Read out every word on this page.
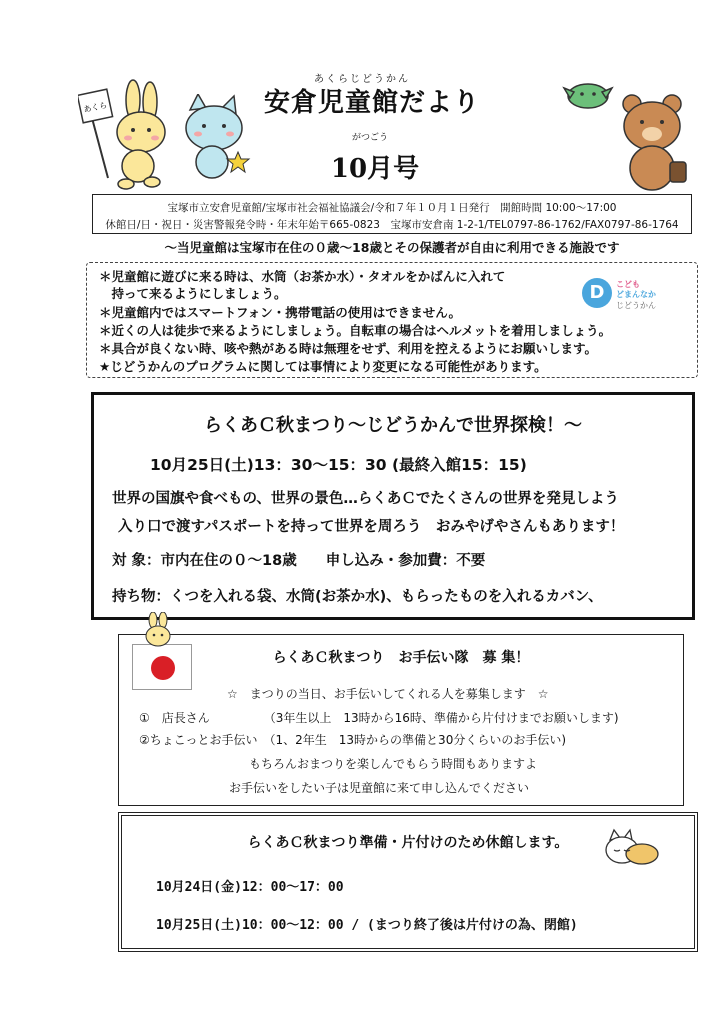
あくら
あくらじどうかん
安倉児童館だより
がつごう
10月号
宝塚市立安倉児童館/宝塚市社会福祉協議会/令和７年１０月１日発行　開館時間 10:00～17:00
休館日/日・祝日・災害警報発令時・年末年始〒665-0823　宝塚市安倉南 1-2-1/TEL0797-86-1762/FAX0797-86-1764
～当児童館は宝塚市在住の０歳～18歳とその保護者が自由に利用できる施設です
＊児童館に遊びに来る時は、水筒（お茶か水）・タオルをかばんに入れて
　持って来るようにしましょう。
＊児童館内ではスマートフォン・携帯電話の使用はできません。
＊近くの人は徒歩で来るようにしましょう。自転車の場合はヘルメットを着用しましょう。
＊具合が良くない時、咳や熱がある時は無理をせず、利用を控えるようにお願いします。
★じどうかんのプログラムに関しては事情により変更になる可能性があります。
D	こども
どまんなか
じどうかん
らくあＣ秋まつり～じどうかんで世界探検！～
10月25日(土)13：30～15：30 (最終入館15：15)
世界の国旗や食べもの、世界の景色…らくあＣでたくさんの世界を発見しよう
入り口で渡すパスポートを持って世界を周ろう　おみやげやさんもあります！
対 象：市内在住の０～18歳　　申し込み・参加費：不要
持ち物：くつを入れる袋、水筒(お茶か水)、もらったものを入れるカバン、
らくあＣ秋まつり　お手伝い隊　募 集！
☆　まつりの当日、お手伝いしてくれる人を募集します　☆
①　店長さん　　　　　（3年生以上　13時から16時、準備から片付けまでお願いします)
②ちょこっとお手伝い　（1、2年生　13時からの準備と30分くらいのお手伝い)
もちろんおまつりを楽しんでもらう時間もありますよ
お手伝いをしたい子は児童館に来て申し込んでください
らくあＣ秋まつり準備・片付けのため休館します。
10月24日(金)12：00～17：00
10月25日(土)10：00～12：00 / (まつり終了後は片付けの為、閉館)
